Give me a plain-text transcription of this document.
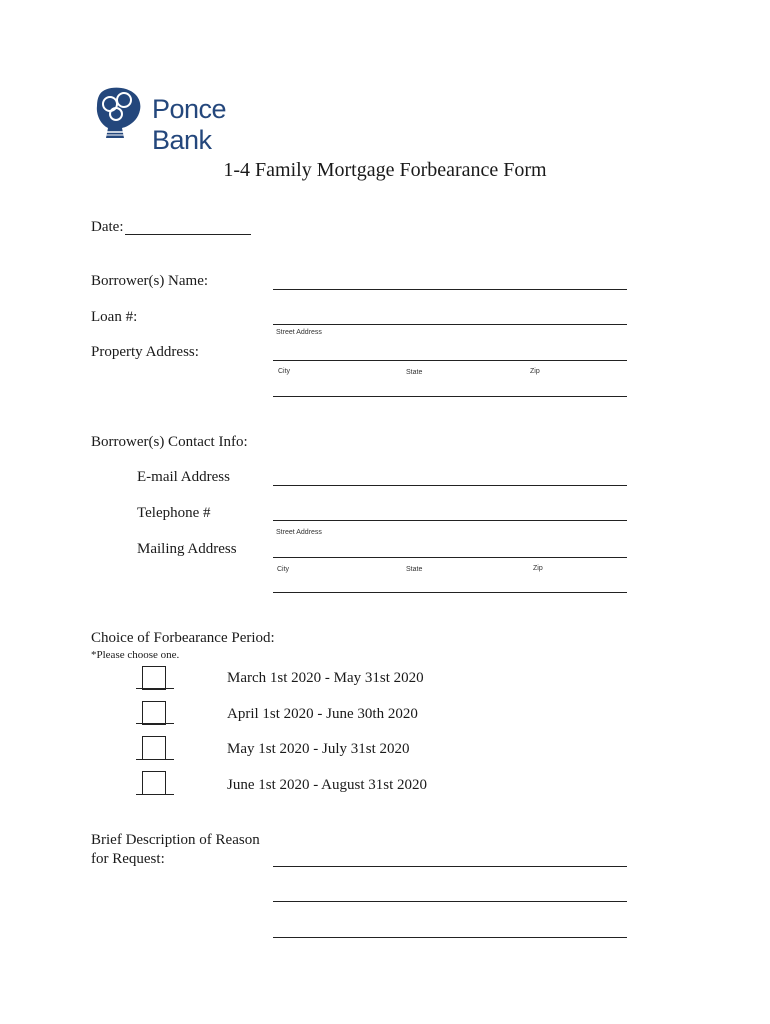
Ponce Bank
1-4 Family Mortgage Forbearance Form
Date:
Borrower(s) Name:
Loan #:
Street Address
Property Address:
City	State	Zip
Borrower(s) Contact Info:
E-mail Address
Telephone #
Street Address
Mailing Address
City	State	Zip
Choice of Forbearance Period:
*Please choose one.
March 1st 2020 - May 31st 2020
April 1st 2020 - June 30th 2020
May 1st 2020 - July 31st 2020
June 1st 2020 - August 31st 2020
Brief Description of Reason
for Request:
